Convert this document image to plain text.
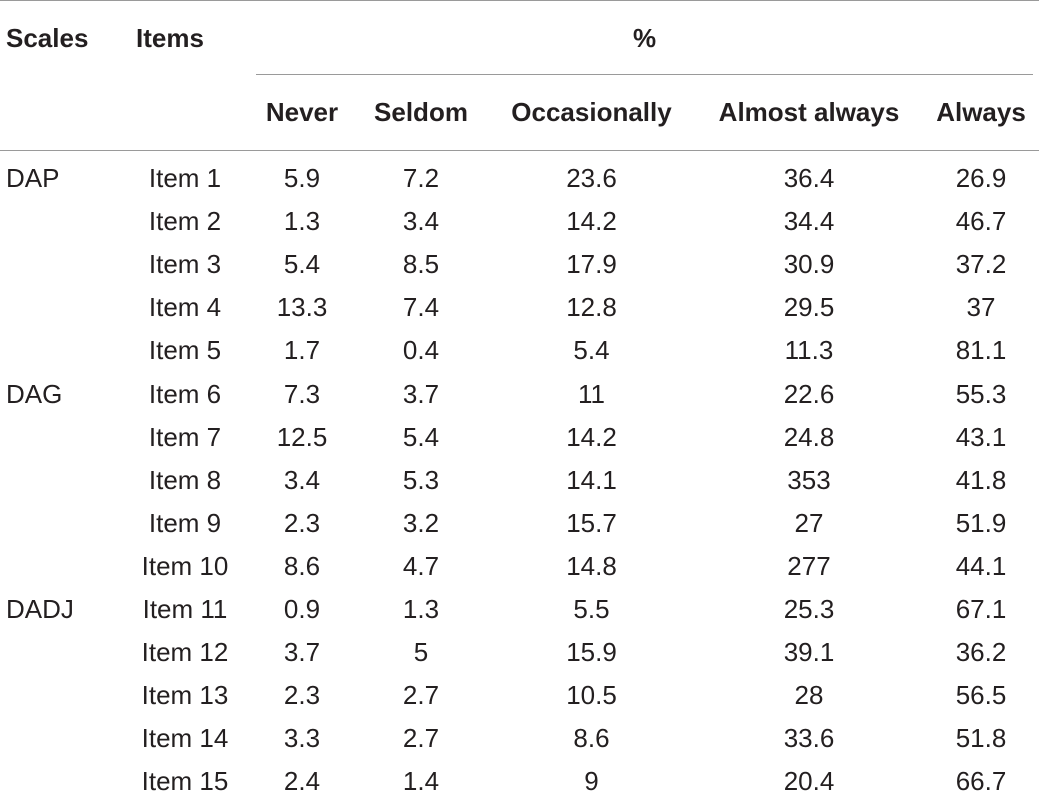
Scales	Items	%				

		Never	Seldom	Occasionally	Almost always	Always
DAP	Item 1	5.9	7.2	23.6	36.4	26.9
	Item 2	1.3	3.4	14.2	34.4	46.7
	Item 3	5.4	8.5	17.9	30.9	37.2
	Item 4	13.3	7.4	12.8	29.5	37
	Item 5	1.7	0.4	5.4	11.3	81.1
DAG	Item 6	7.3	3.7	11	22.6	55.3
	Item 7	12.5	5.4	14.2	24.8	43.1
	Item 8	3.4	5.3	14.1	353	41.8
	Item 9	2.3	3.2	15.7	27	51.9
	Item 10	8.6	4.7	14.8	277	44.1
DADJ	Item 11	0.9	1.3	5.5	25.3	67.1
	Item 12	3.7	5	15.9	39.1	36.2
	Item 13	2.3	2.7	10.5	28	56.5
	Item 14	3.3	2.7	8.6	33.6	51.8
	Item 15	2.4	1.4	9	20.4	66.7
